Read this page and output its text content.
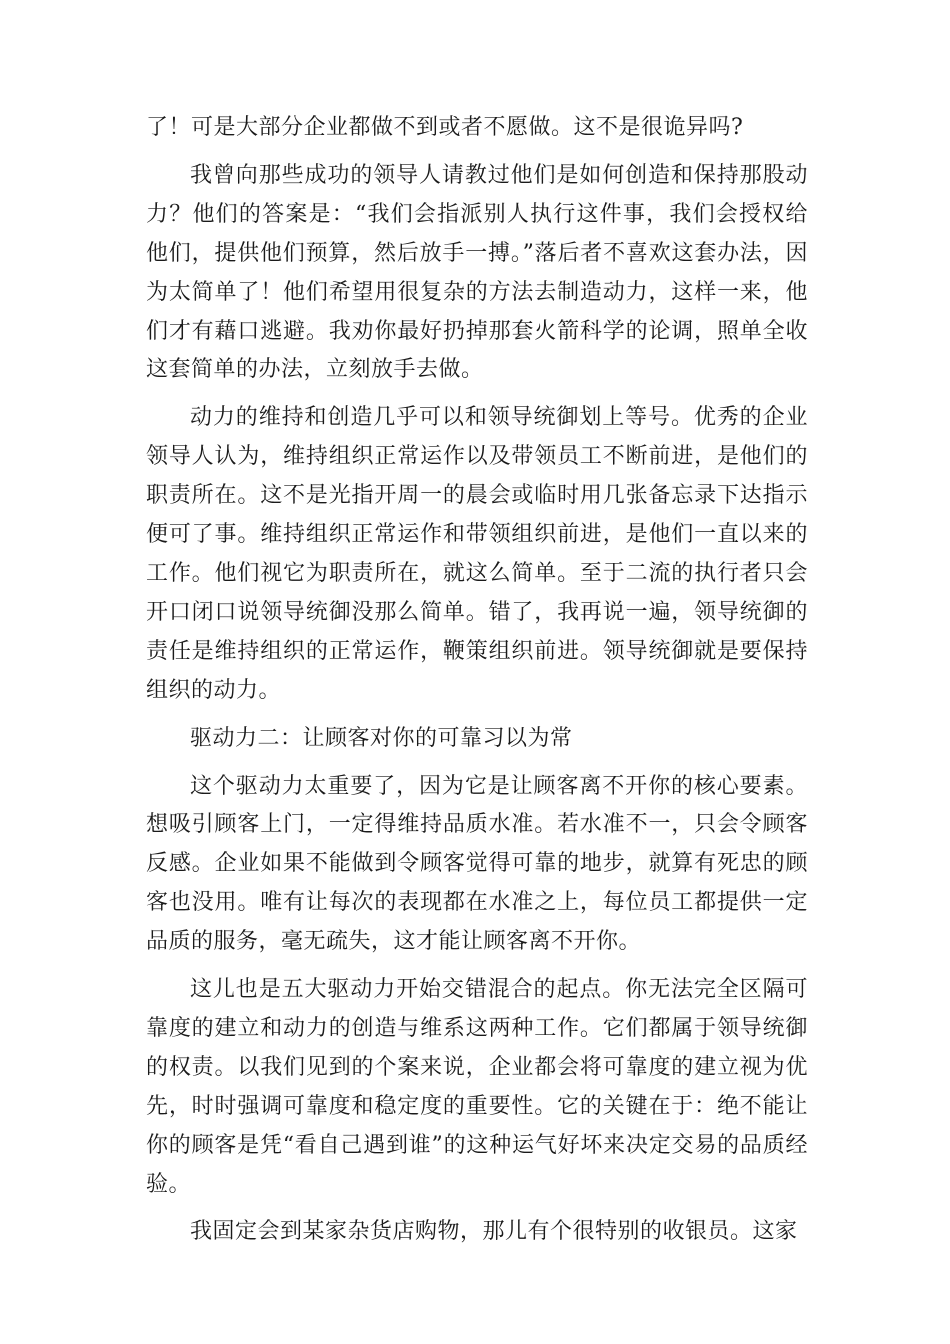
了！可是大部分企业都做不到或者不愿做。这不是很诡异吗?

我曾向那些成功的领导人请教过他们是如何创造和保持那股动力？他们的答案是：“我们会指派别人执行这件事，我们会授权给他们，提供他们预算，然后放手一搏。”落后者不喜欢这套办法，因为太简单了！他们希望用很复杂的方法去制造动力，这样一来，他们才有藉口逃避。我劝你最好扔掉那套火箭科学的论调，照单全收这套简单的办法，立刻放手去做。

动力的维持和创造几乎可以和领导统御划上等号。优秀的企业领导人认为，维持组织正常运作以及带领员工不断前进，是他们的职责所在。这不是光指开周一的晨会或临时用几张备忘录下达指示便可了事。维持组织正常运作和带领组织前进，是他们一直以来的工作。他们视它为职责所在，就这么简单。至于二流的执行者只会开口闭口说领导统御没那么简单。错了，我再说一遍，领导统御的责任是维持组织的正常运作，鞭策组织前进。领导统御就是要保持组织的动力。

驱动力二：让顾客对你的可靠习以为常

这个驱动力太重要了，因为它是让顾客离不开你的核心要素。想吸引顾客上门，一定得维持品质水准。若水准不一，只会令顾客反感。企业如果不能做到令顾客觉得可靠的地步，就算有死忠的顾客也没用。唯有让每次的表现都在水准之上，每位员工都提供一定品质的服务，毫无疏失，这才能让顾客离不开你。

这儿也是五大驱动力开始交错混合的起点。你无法完全区隔可靠度的建立和动力的创造与维系这两种工作。它们都属于领导统御的权责。以我们见到的个案来说，企业都会将可靠度的建立视为优先，时时强调可靠度和稳定度的重要性。它的关键在于：绝不能让你的顾客是凭“看自己遇到谁”的这种运气好坏来决定交易的品质经验。

我固定会到某家杂货店购物，那儿有个很特别的收银员。这家
